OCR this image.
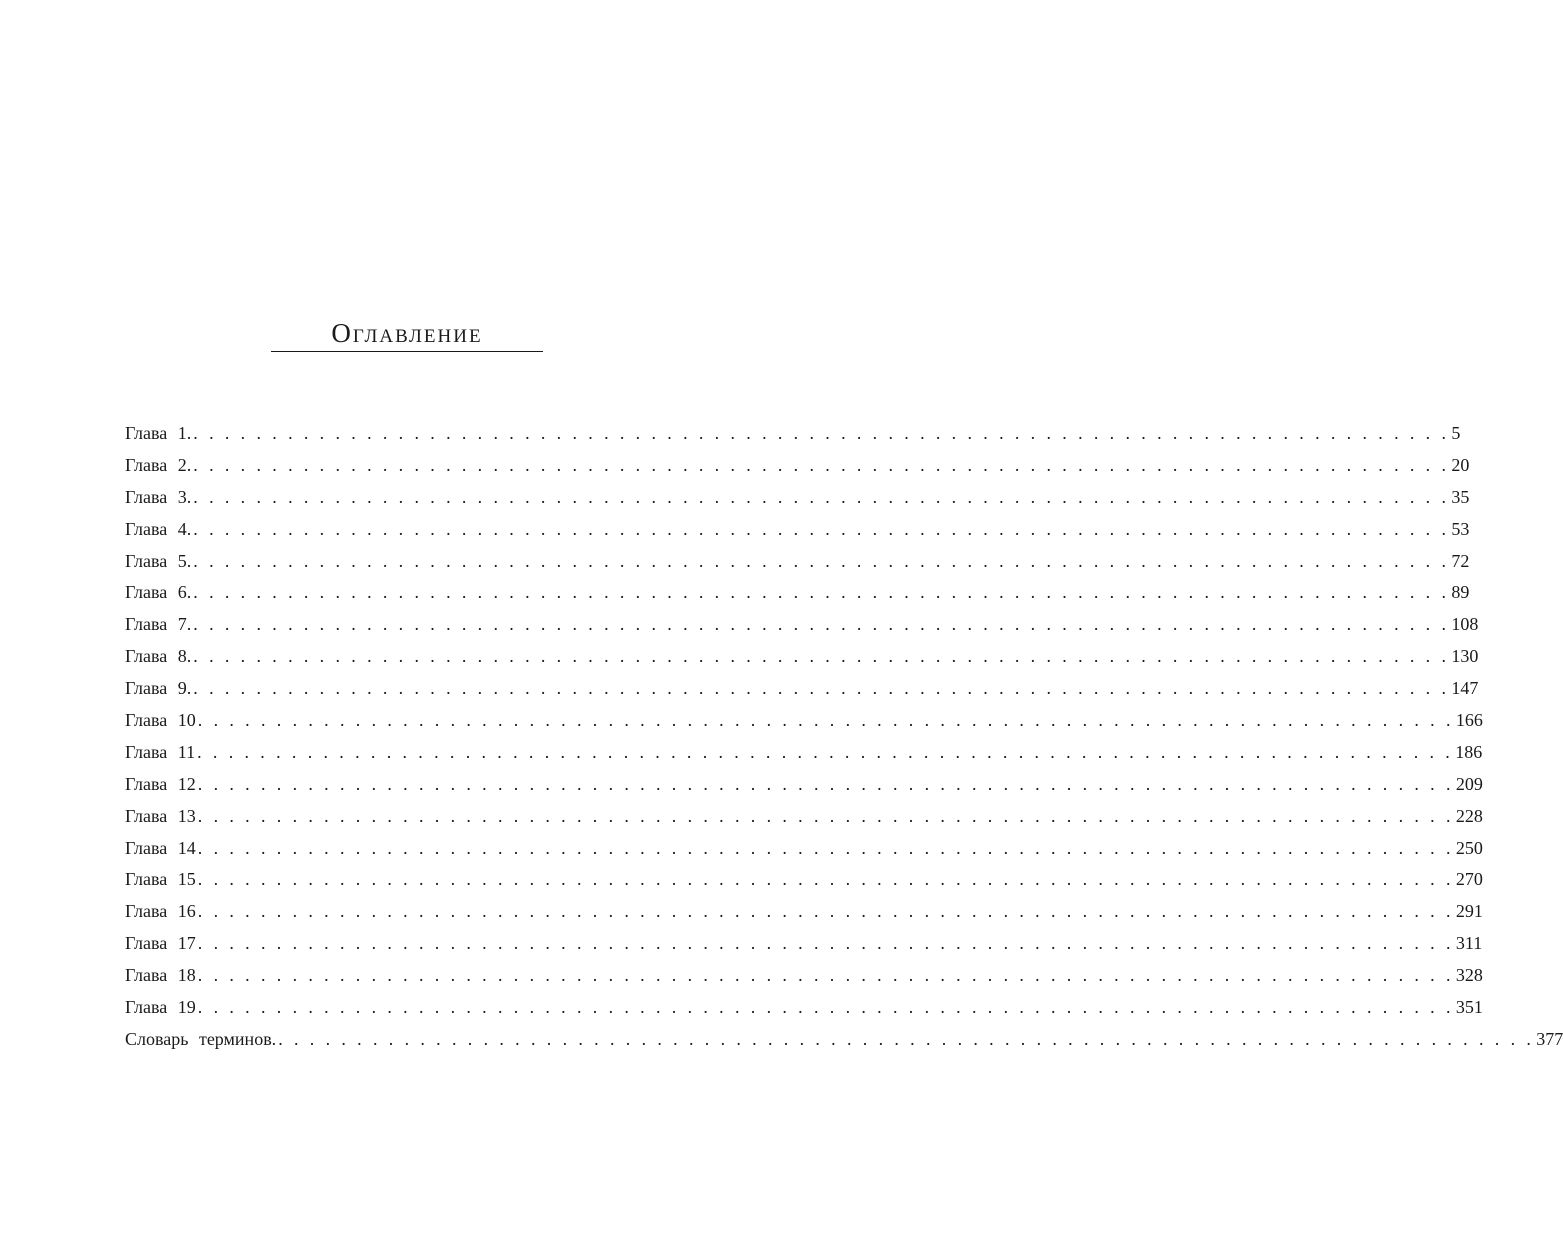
Оглавление
Глава 1. . . . . . . . . . . . . . . . . . . . . . . . . . . . . . . . . . . . . . . . . . . . . . . . . . . . . . . . . . . . . . . . . . . . . . . . . . . . . . . . . 5
Глава 2. . . . . . . . . . . . . . . . . . . . . . . . . . . . . . . . . . . . . . . . . . . . . . . . . . . . . . . . . . . . . . . . . . . . . . . . . . . . . . . . . 20
Глава 3. . . . . . . . . . . . . . . . . . . . . . . . . . . . . . . . . . . . . . . . . . . . . . . . . . . . . . . . . . . . . . . . . . . . . . . . . . . . . . . . . 35
Глава 4. . . . . . . . . . . . . . . . . . . . . . . . . . . . . . . . . . . . . . . . . . . . . . . . . . . . . . . . . . . . . . . . . . . . . . . . . . . . . . . . . 53
Глава 5. . . . . . . . . . . . . . . . . . . . . . . . . . . . . . . . . . . . . . . . . . . . . . . . . . . . . . . . . . . . . . . . . . . . . . . . . . . . . . . . . 72
Глава 6. . . . . . . . . . . . . . . . . . . . . . . . . . . . . . . . . . . . . . . . . . . . . . . . . . . . . . . . . . . . . . . . . . . . . . . . . . . . . . . . . 89
Глава 7. . . . . . . . . . . . . . . . . . . . . . . . . . . . . . . . . . . . . . . . . . . . . . . . . . . . . . . . . . . . . . . . . . . . . . . . . . . . . . . . . 108
Глава 8. . . . . . . . . . . . . . . . . . . . . . . . . . . . . . . . . . . . . . . . . . . . . . . . . . . . . . . . . . . . . . . . . . . . . . . . . . . . . . . . . 130
Глава 9. . . . . . . . . . . . . . . . . . . . . . . . . . . . . . . . . . . . . . . . . . . . . . . . . . . . . . . . . . . . . . . . . . . . . . . . . . . . . . . . . 147
Глава 10 . . . . . . . . . . . . . . . . . . . . . . . . . . . . . . . . . . . . . . . . . . . . . . . . . . . . . . . . . . . . . . . . . . . . . . . . . . . . . . . . 166
Глава 11 . . . . . . . . . . . . . . . . . . . . . . . . . . . . . . . . . . . . . . . . . . . . . . . . . . . . . . . . . . . . . . . . . . . . . . . . . . . . . . . . 186
Глава 12 . . . . . . . . . . . . . . . . . . . . . . . . . . . . . . . . . . . . . . . . . . . . . . . . . . . . . . . . . . . . . . . . . . . . . . . . . . . . . . . . 209
Глава 13 . . . . . . . . . . . . . . . . . . . . . . . . . . . . . . . . . . . . . . . . . . . . . . . . . . . . . . . . . . . . . . . . . . . . . . . . . . . . . . . . 228
Глава 14 . . . . . . . . . . . . . . . . . . . . . . . . . . . . . . . . . . . . . . . . . . . . . . . . . . . . . . . . . . . . . . . . . . . . . . . . . . . . . . . . 250
Глава 15 . . . . . . . . . . . . . . . . . . . . . . . . . . . . . . . . . . . . . . . . . . . . . . . . . . . . . . . . . . . . . . . . . . . . . . . . . . . . . . . . 270
Глава 16 . . . . . . . . . . . . . . . . . . . . . . . . . . . . . . . . . . . . . . . . . . . . . . . . . . . . . . . . . . . . . . . . . . . . . . . . . . . . . . . . 291
Глава 17 . . . . . . . . . . . . . . . . . . . . . . . . . . . . . . . . . . . . . . . . . . . . . . . . . . . . . . . . . . . . . . . . . . . . . . . . . . . . . . . . 311
Глава 18 . . . . . . . . . . . . . . . . . . . . . . . . . . . . . . . . . . . . . . . . . . . . . . . . . . . . . . . . . . . . . . . . . . . . . . . . . . . . . . . . 328
Глава 19 . . . . . . . . . . . . . . . . . . . . . . . . . . . . . . . . . . . . . . . . . . . . . . . . . . . . . . . . . . . . . . . . . . . . . . . . . . . . . . . . 351
Словарь терминов. . . . . . . . . . . . . . . . . . . . . . . . . . . . . . . . . . . . . . . . . . . . . . . . . . . . . . . . . . . . . . . . . . . . . . . . . . . . . . . . . 377
